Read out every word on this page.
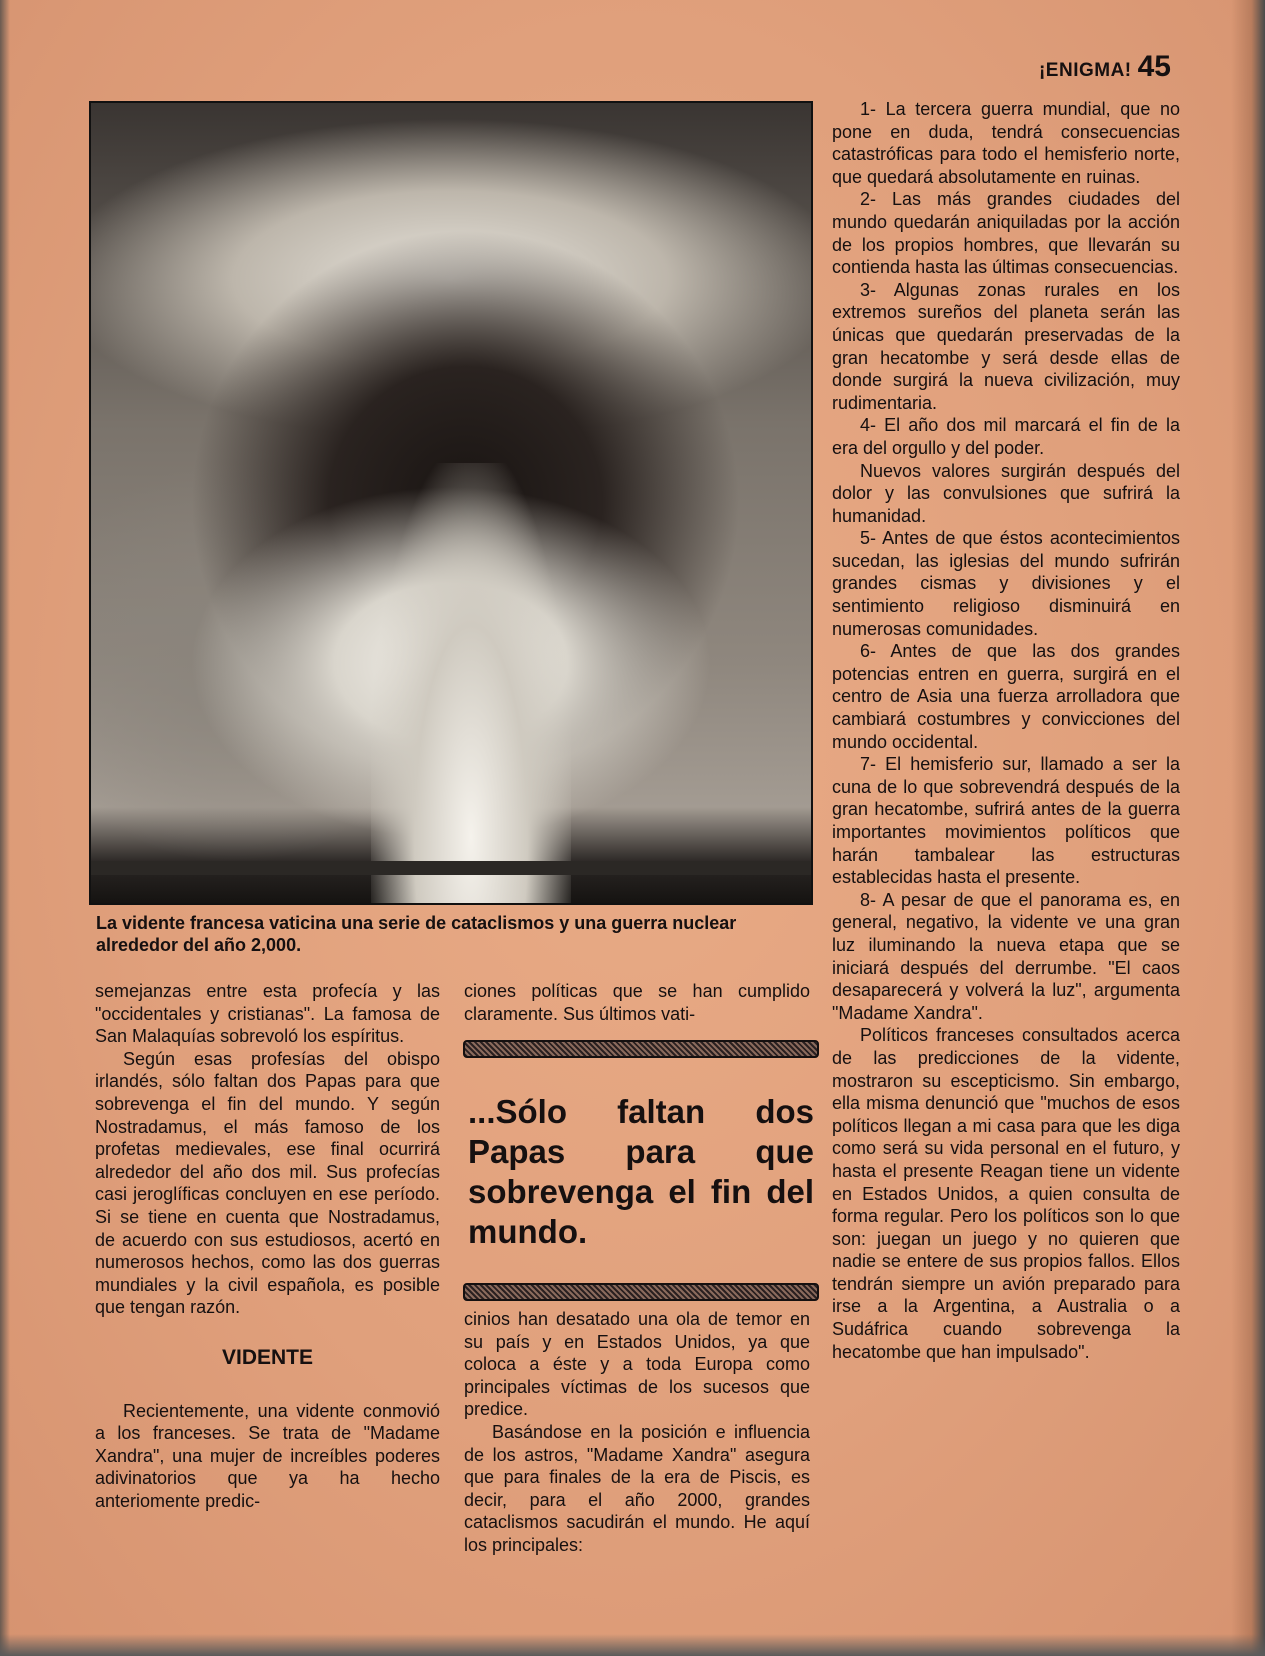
¡ENIGMA! 45
La vidente francesa vaticina una serie de cataclismos y una guerra nuclear alrededor del año 2,000.

semejanzas entre esta profecía y las "occidentales y cristianas". La famosa de San Malaquías sobrevoló los espíritus.

Según esas profesías del obispo irlandés, sólo faltan dos Papas para que sobrevenga el fin del mundo. Y según Nostradamus, el más famoso de los profetas medievales, ese final ocurrirá alrededor del año dos mil. Sus profecías casi jeroglíficas concluyen en ese período. Si se tiene en cuenta que Nostradamus, de acuerdo con sus estudiosos, acertó en numerosos hechos, como las dos guerras mundiales y la civil española, es posible que tengan razón.

VIDENTE

Recientemente, una vidente conmovió a los franceses. Se trata de "Madame Xandra", una mujer de increíbles poderes adivinatorios que ya ha hecho anteriomente predic-

ciones políticas que se han cumplido claramente. Sus últimos vati-

...Sólo faltan dos Papas para que sobrevenga el fin del mundo.

cinios han desatado una ola de temor en su país y en Estados Unidos, ya que coloca a éste y a toda Europa como principales víctimas de los sucesos que predice.

Basándose en la posición e influencia de los astros, "Madame Xandra" asegura que para finales de la era de Piscis, es decir, para el año 2000, grandes cataclismos sacudirán el mundo. He aquí los principales:

1- La tercera guerra mundial, que no pone en duda, tendrá consecuencias catastróficas para todo el hemisferio norte, que quedará absolutamente en ruinas.

2- Las más grandes ciudades del mundo quedarán aniquiladas por la acción de los propios hombres, que llevarán su contienda hasta las últimas consecuencias.

3- Algunas zonas rurales en los extremos sureños del planeta serán las únicas que quedarán preservadas de la gran hecatombe y será desde ellas de donde surgirá la nueva civilización, muy rudimentaria.

4- El año dos mil marcará el fin de la era del orgullo y del poder.

Nuevos valores surgirán después del dolor y las convulsiones que sufrirá la humanidad.

5- Antes de que éstos acontecimientos sucedan, las iglesias del mundo sufrirán grandes cismas y divisiones y el sentimiento religioso disminuirá en numerosas comunidades.

6- Antes de que las dos grandes potencias entren en guerra, surgirá en el centro de Asia una fuerza arrolladora que cambiará costumbres y convicciones del mundo occidental.

7- El hemisferio sur, llamado a ser la cuna de lo que sobrevendrá después de la gran hecatombe, sufrirá antes de la guerra importantes movimientos políticos que harán tambalear las estructuras establecidas hasta el presente.

8- A pesar de que el panorama es, en general, negativo, la vidente ve una gran luz iluminando la nueva etapa que se iniciará después del derrumbe. "El caos desaparecerá y volverá la luz", argumenta "Madame Xandra".

Políticos franceses consultados acerca de las predicciones de la vidente, mostraron su escepticismo. Sin embargo, ella misma denunció que "muchos de esos políticos llegan a mi casa para que les diga como será su vida personal en el futuro, y hasta el presente Reagan tiene un vidente en Estados Unidos, a quien consulta de forma regular. Pero los políticos son lo que son: juegan un juego y no quieren que nadie se entere de sus propios fallos. Ellos tendrán siempre un avión preparado para irse a la Argentina, a Australia o a Sudáfrica cuando sobrevenga la hecatombe que han impulsado".
